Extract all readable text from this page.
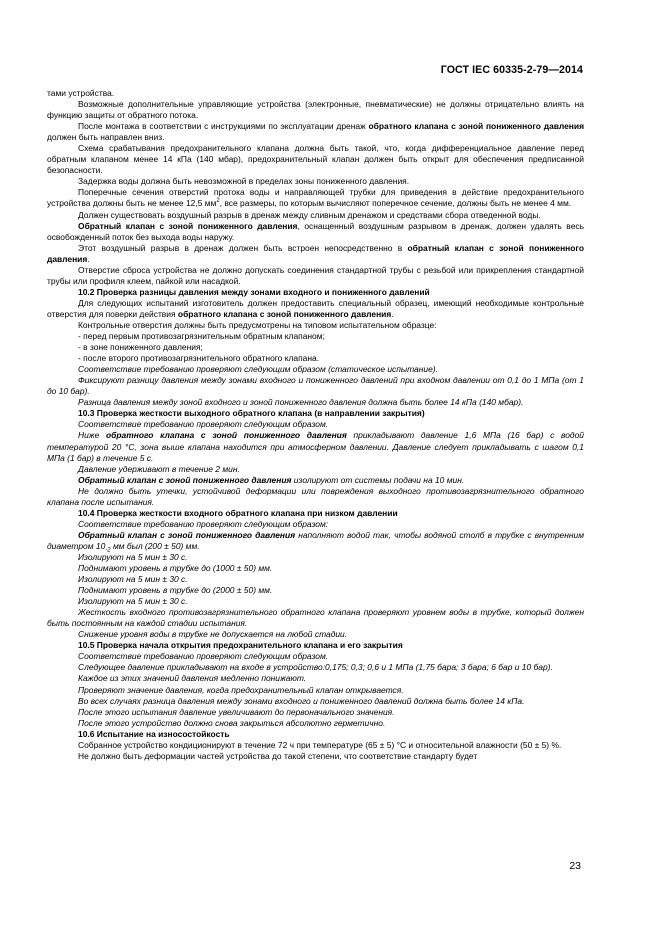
ГОСТ IEC 60335-2-79—2014

тами устройства.

Возможные дополнительные управляющие устройства (электронные, пневматические) не должны отрицательно влиять на функцию защиты от обратного потока.

После монтажа в соответствии с инструкциями по эксплуатации дренаж обратного клапана с зоной пониженного давления должен быть направлен вниз.

Схема срабатывания предохранительного клапана должна быть такой, что, когда дифференциальное давление перед обратным клапаном менее 14 кПа (140 мбар), предохранительный клапан должен быть открыт для обеспечения предписанной безопасности.

Задержка воды должна быть невозможной в пределах зоны пониженного давления.

Поперечные сечения отверстий протока воды и направляющей трубки для приведения в действие предохранительного устройства должны быть не менее 12,5 $мм^2$, все размеры, по которым вычисляют поперечное сечение, должны быть не менее 4 мм.

Должен существовать воздушный разрыв в дренаж между сливным дренажом и средствами сбора отведенной воды.

Обратный клапан с зоной пониженного давления, оснащенный воздушным разрывом в дренаж, должен удалять весь освобожденный поток без выхода воды наружу.

Этот воздушный разрыв в дренаж должен быть встроен непосредственно в обратный клапан с зоной пониженного давления.

Отверстие сброса устройства не должно допускать соединения стандартной трубы с резьбой или прикрепления стандартной трубы или профиля клеем, пайкой или насадкой.

10.2 Проверка разницы давления между зонами входного и пониженного давлений

Для следующих испытаний изготовитель должен предоставить специальный образец, имеющий необходимые контрольные отверстия для поверки действия обратного клапана с зоной пониженного давления.

Контрольные отверстия должны быть предусмотрены на типовом испытательном образце:

- перед первым противозагрязнительным обратным клапаном;

- в зоне пониженного давления;

- после второго противозагрязнительного обратного клапана.

Соответствие требованию проверяют следующим образом (статическое испытание).

Фиксируют разницу давления между зонами входного и пониженного давлений при входном давлении от 0,1 до 1 МПа (от 1 до 10 бар).

Разница давления между зоной входного и зоной пониженного давления должна быть более 14 кПа (140 мбар).

10.3 Проверка жесткости выходного обратного клапана (в направлении закрытия)

Соответствие требованию проверяют следующим образом.

Ниже обратного клапана с зоной пониженного давления прикладывают давление 1,6 МПа (16 бар) с водой температурой 20 °С, зона выше клапана находится при атмосферном давлении. Давление следует прикладывать с шагом 0,1 МПа (1 бар) в течение 5 с.

Давление удерживают в течение 2 мин.

Обратный клапан с зоной пониженного давления изолируют от системы подачи на 10 мин.

Не должно быть утечки, устойчивой деформации или повреждения выходного противозагрязнительного обратного клапана после испытания.

10.4 Проверка жесткости входного обратного клапана при низком давлении

Соответствие требованию проверяют следующим образом:

Обратный клапан с зоной пониженного давления наполняют водой так, чтобы водяной столб в трубке с внутренним диаметром $10_{-2}$ мм был (200 ± 50) мм.

Изолируют на 5 мин ± 30 с.

Поднимают уровень в трубке до (1000 ± 50) мм.

Изолируют на 5 мин ± 30 с.

Поднимают уровень в трубке до (2000 ± 50) мм.

Изолируют на 5 мин ± 30 с.

Жесткость входного противозагрязнительного обратного клапана проверяют уровнем воды в трубке, который должен быть постоянным на каждой стадии испытания.

Снижение уровня воды в трубке не допускается на любой стадии.

10.5 Проверка начала открытия предохранительного клапана и его закрытия

Соответствие требованию проверяют следующим образом.

Следующее давление прикладывают на входе в устройство:0,175; 0,3; 0,6 и 1 МПа (1,75 бара; 3 бара; 6 бар и 10 бар).

Каждое из этих значений давления медленно понижают.

Проверяют значение давления, когда предохранительный клапан открывается.

Во всех случаях разница давления между зонами входного и пониженного давлений должна быть более 14 кПа.

После этого испытания давление увеличивают до первоначального значения.

После этого устройство должно снова закрыться абсолютно герметично.

10.6 Испытание на износостойкость

Собранное устройство кондиционируют в течение 72 ч при температуре (65 ± 5) °С и относительной влажности (50 ± 5) %.

Не должно быть деформации частей устройства до такой степени, что соответствие стандарту будет

23
